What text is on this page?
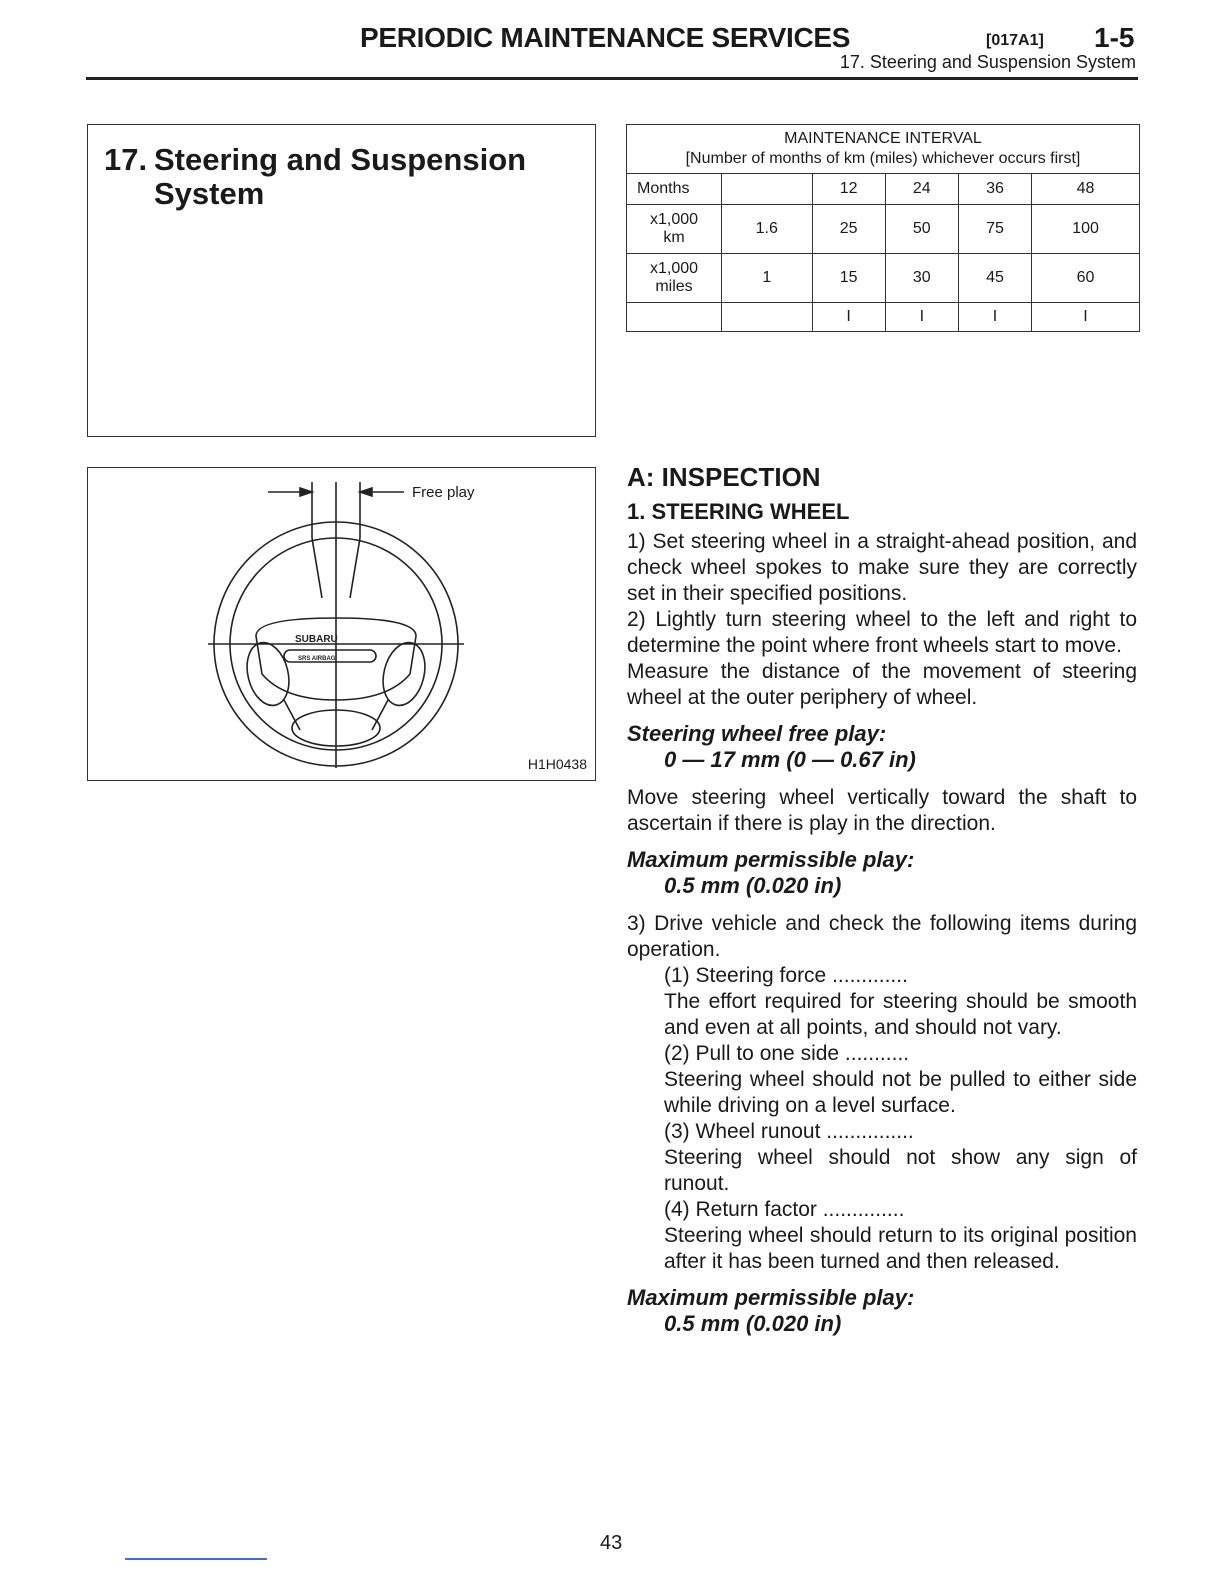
PERIODIC MAINTENANCE SERVICES	[017A1] 1-5
17. Steering and Suspension System
17. Steering and Suspension
System
SUBARU
SRS AIRBAG
Free play
H1H0438
MAINTENANCE INTERVAL
[Number of months of km (miles) whichever occurs first]					

Months		12	24	36	48

x1,000
km	1.6	25	50	75	100

x1,000
miles	1	15	30	45	60
		I	I	I	I
A: INSPECTION
1. STEERING WHEEL

1) Set steering wheel in a straight-ahead position, and check wheel spokes to make sure they are correctly set in their specified positions.

2) Lightly turn steering wheel to the left and right to determine the point where front wheels start to move.

Measure the distance of the movement of steering wheel at the outer periphery of wheel.

Steering wheel free play:
0 — 17 mm (0 — 0.67 in)

Move steering wheel vertically toward the shaft to ascertain if there is play in the direction.

Maximum permissible play:
0.5 mm (0.020 in)

3) Drive vehicle and check the following items during operation.

(1) Steering force .............

The effort required for steering should be smooth and even at all points, and should not vary.

(2) Pull to one side ...........

Steering wheel should not be pulled to either side while driving on a level surface.

(3) Wheel runout ...............

Steering wheel should not show any sign of runout.

(4) Return factor ..............

Steering wheel should return to its original position after it has been turned and then released.

Maximum permissible play:
0.5 mm (0.020 in)
43
